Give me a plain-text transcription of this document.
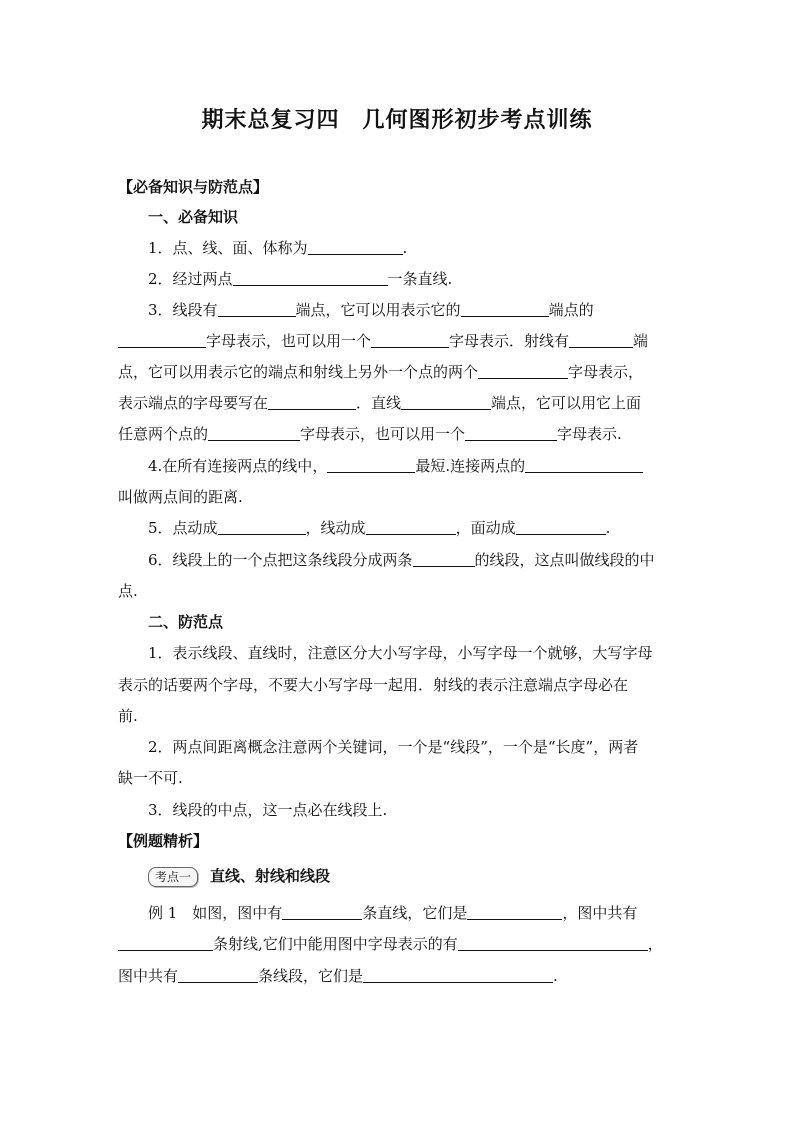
期末总复习四　几何图形初步考点训练
【必备知识与防范点】
一、必备知识
1．点、线、面、体称为	.
2．经过两点	一条直线.
3．线段有	端点，它可以用表示它的	端点的
字母表示，也可以用一个	字母表示．射线有	端
点，它可以用表示它的端点和射线上另外一个点的两个	字母表示，
表示端点的字母要写在	．直线	端点，它可以用它上面
任意两个点的	字母表示，也可以用一个	字母表示.
4.在所有连接两点的线中，	最短.连接两点的
叫做两点间的距离.
5．点动成	，线动成	，面动成	.
6．线段上的一个点把这条线段分成两条	的线段，这点叫做线段的中
点.
二、防范点
1．表示线段、直线时，注意区分大小写字母，小写字母一个就够，大写字母
表示的话要两个字母，不要大小写字母一起用．射线的表示注意端点字母必在
前.
2．两点间距离概念注意两个关键词，一个是“线段”，一个是“长度”，两者
缺一不可.
3．线段的中点，这一点必在线段上.
【例题精析】
考点一 直线、射线和线段
例 1　如图，图中有	条直线，它们是	，图中共有
条射线,它们中能用图中字母表示的有	，
图中共有	条线段，它们是	.
